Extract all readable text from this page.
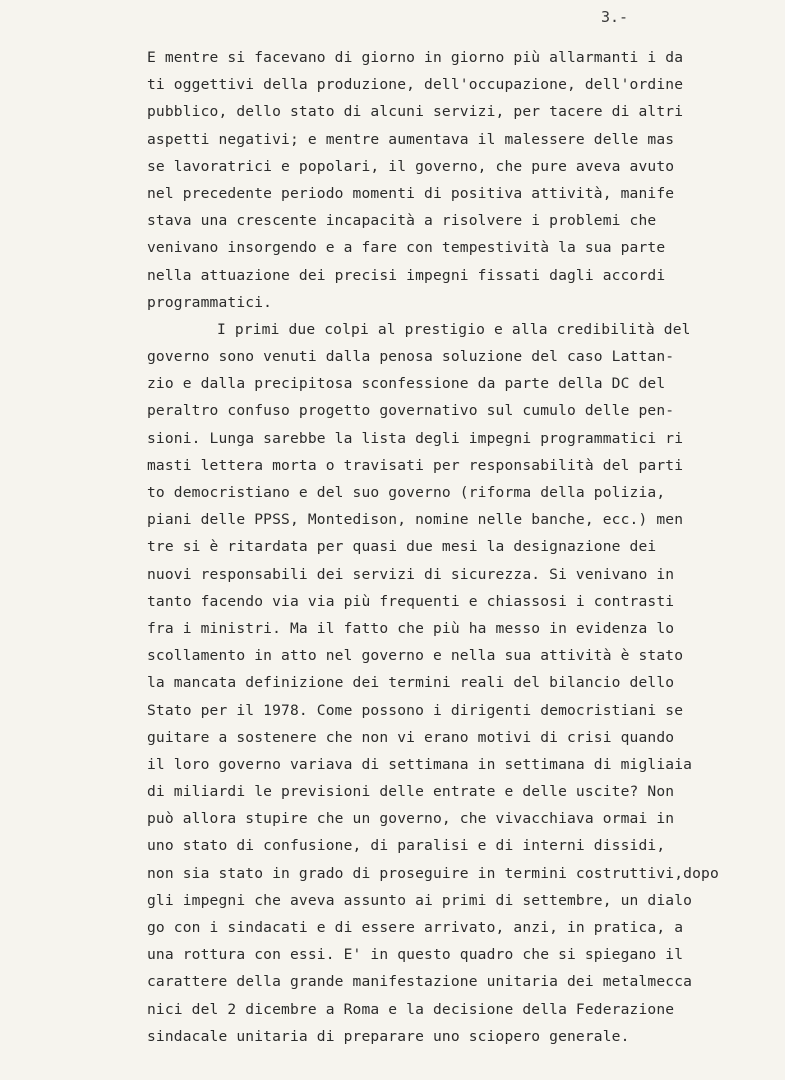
3.-
E mentre si facevano di giorno in giorno più allarmanti i da
ti oggettivi della produzione, dell'occupazione, dell'ordine
pubblico, dello stato di alcuni servizi, per tacere di altri
aspetti negativi; e mentre aumentava il malessere delle mas
se lavoratrici e popolari, il governo, che pure aveva avuto
nel precedente periodo momenti di positiva attività, manife
stava una crescente incapacità a risolvere i problemi che
venivano insorgendo e a fare con tempestività la sua parte
nella attuazione dei precisi impegni fissati dagli accordi
programmatici.
I primi due colpi al prestigio e alla credibilità del
governo sono venuti dalla penosa soluzione del caso Lattan-
zio e dalla precipitosa sconfessione da parte della DC del
peraltro confuso progetto governativo sul cumulo delle pen-
sioni. Lunga sarebbe la lista degli impegni programmatici ri
masti lettera morta o travisati per responsabilità del parti
to democristiano e del suo governo (riforma della polizia,
piani delle PPSS, Montedison, nomine nelle banche, ecc.) men
tre si è ritardata per quasi due mesi la designazione dei
nuovi responsabili dei servizi di sicurezza. Si venivano in
tanto facendo via via più frequenti e chiassosi i contrasti
fra i ministri. Ma il fatto che più ha messo in evidenza lo
scollamento in atto nel governo e nella sua attività è stato
la mancata definizione dei termini reali del bilancio dello
Stato per il 1978. Come possono i dirigenti democristiani se
guitare a sostenere che non vi erano motivi di crisi quando
il loro governo variava di settimana in settimana di migliaia
di miliardi le previsioni delle entrate e delle uscite? Non
può allora stupire che un governo, che vivacchiava ormai in
uno stato di confusione, di paralisi e di interni dissidi,
non sia stato in grado di proseguire in termini costruttivi,dopo
gli impegni che aveva assunto ai primi di settembre, un dialo
go con i sindacati e di essere arrivato, anzi, in pratica, a
una rottura con essi. E' in questo quadro che si spiegano il
carattere della grande manifestazione unitaria dei metalmecca
nici del 2 dicembre a Roma e la decisione della Federazione
sindacale unitaria di preparare uno sciopero generale.
